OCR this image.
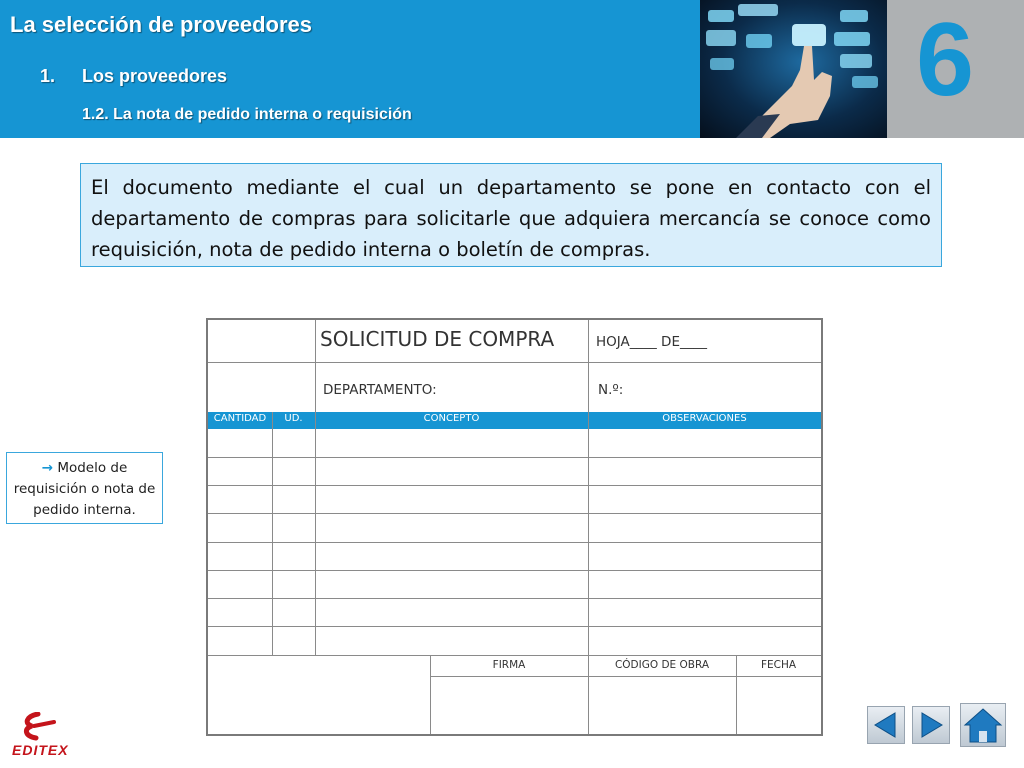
La selección de proveedores
1. Los proveedores
1.2. La nota de pedido interna o requisición	6

El documento mediante el cual un departamento se pone en contacto con el departamento de compras para solicitarle que adquiera mercancía se conoce como requisición, nota de pedido interna o boletín de compras.

→ Modelo de requisición o nota de pedido interna.
SOLICITUD DE COMPRA	HOJA____ DE____
DEPARTAMENTO:	N.º:
CANTIDAD	UD.	CONCEPTO	OBSERVACIONES
FIRMA	CÓDIGO DE OBRA	FECHA
EDITEX
